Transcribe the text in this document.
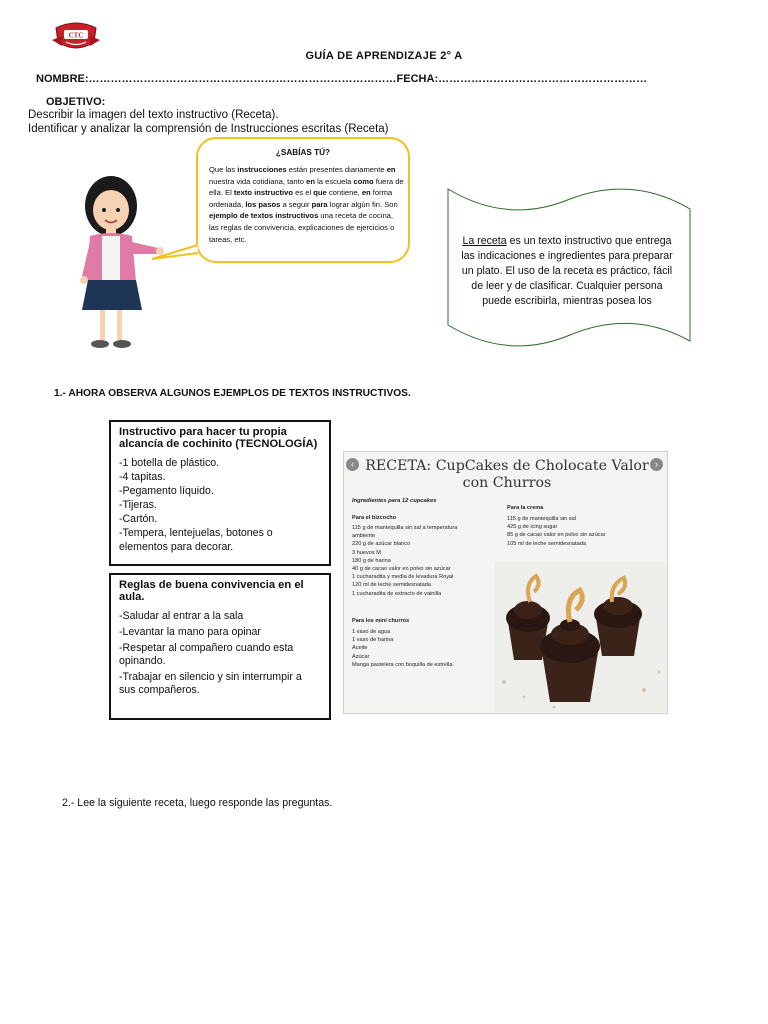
CTC
GUÍA DE APRENDIZAJE 2° A
NOMBRE:…………………………………………………………………………FECHA:…………………………………………………
OBJETIVO:
Describir la imagen del texto instructivo (Receta).
Identificar y analizar la comprensión de Instrucciones escritas (Receta)
¿SABÍAS TÚ?
Que las instrucciones están presentes diariamente en nuestra vida cotidiana, tanto en la escuela como fuera de ella. El texto instructivo es el que contiene, en forma ordenada, los pasos a seguir para lograr algún fin. Son ejemplo de textos instructivos una receta de cocina, las reglas de convivencia, explicaciones de ejercicios o tareas, etc.	La receta es un texto instructivo que entrega las indicaciones e ingredientes para preparar un plato. El uso de la receta es práctico, fácil de leer y de clasificar. Cualquier persona puede escribirla, mientras posea los
1.- AHORA OBSERVA ALGUNOS EJEMPLOS DE TEXTOS INSTRUCTIVOS.
Instructivo para hacer tu propia alcancía de cochinito (TECNOLOGÍA)

-1 botella de plástico.

-4 tapitas.

-Pegamento líquido.

-Tijeras.

-Cartón.

-Tempera, lentejuelas, botones o elementos para decorar.

Reglas de buena convivencia en el aula.

-Saludar al entrar a la sala

-Levantar la mano para opinar

-Respetar al compañero cuando esta opinando.

-Trabajar en silencio y sin interrumpir a sus compañeros.

‹	›
RECETA: CupCakes de Cholocate Valor con Churros
Ingredientes para 12 cupcakes
Para el bizcocho
115 g de mantequilla sin sal a temperatura
ambiente
220 g de azúcar blanco
3 huevos M
180 g de harina
40 g de cacao valor en polvo sin azúcar
1 cucharadita y media de levadura Royal
120 ml de leche semidesnatada
1 cucharadita de extracto de vainilla
Para los mini churros
1 vaso de agua
1 vaso de harina
Aceite
Azúcar
Manga pastelera con boquilla de estrella.
Para la crema
115 g de mantequilla sin sal
425 g de icing sugar
85 g de cacao valor en polvo sin azúcar
105 ml de leche semidesnatada
2.- Lee la siguiente receta, luego responde las preguntas.
